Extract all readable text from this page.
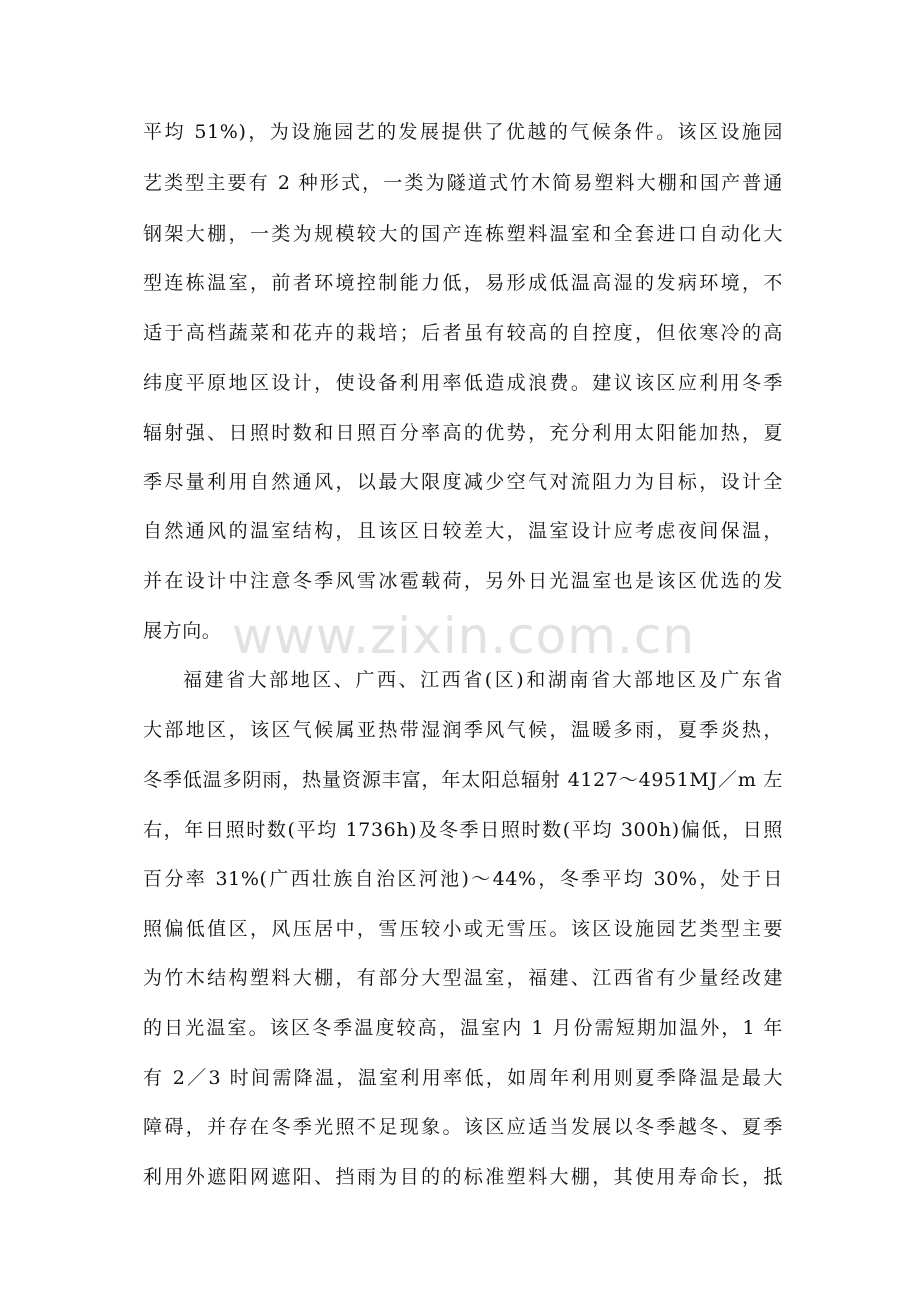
www.zixin.com.cn
平均 51%)，为设施园艺的发展提供了优越的气候条件。该区设施园
艺类型主要有 2 种形式，一类为隧道式竹木简易塑料大棚和国产普通
钢架大棚，一类为规模较大的国产连栋塑料温室和全套进口自动化大
型连栋温室，前者环境控制能力低，易形成低温高湿的发病环境，不
适于高档蔬菜和花卉的栽培；后者虽有较高的自控度，但依寒冷的高
纬度平原地区设计，使设备利用率低造成浪费。建议该区应利用冬季
辐射强、日照时数和日照百分率高的优势，充分利用太阳能加热，夏
季尽量利用自然通风，以最大限度减少空气对流阻力为目标，设计全
自然通风的温室结构，且该区日较差大，温室设计应考虑夜间保温，
并在设计中注意冬季风雪冰雹载荷，另外日光温室也是该区优选的发
展方向。
福建省大部地区、广西、江西省(区)和湖南省大部地区及广东省
大部地区，该区气候属亚热带湿润季风气候，温暖多雨，夏季炎热，
冬季低温多阴雨，热量资源丰富，年太阳总辐射 4127～4951MJ／m 左
右，年日照时数(平均 1736h)及冬季日照时数(平均 300h)偏低，日照
百分率 31%(广西壮族自治区河池)～44%，冬季平均 30%，处于日
照偏低值区，风压居中，雪压较小或无雪压。该区设施园艺类型主要
为竹木结构塑料大棚，有部分大型温室，福建、江西省有少量经改建
的日光温室。该区冬季温度较高，温室内 1 月份需短期加温外，1 年
有 2／3 时间需降温，温室利用率低，如周年利用则夏季降温是最大
障碍，并存在冬季光照不足现象。该区应适当发展以冬季越冬、夏季
利用外遮阳网遮阳、挡雨为目的的标准塑料大棚，其使用寿命长，抵
